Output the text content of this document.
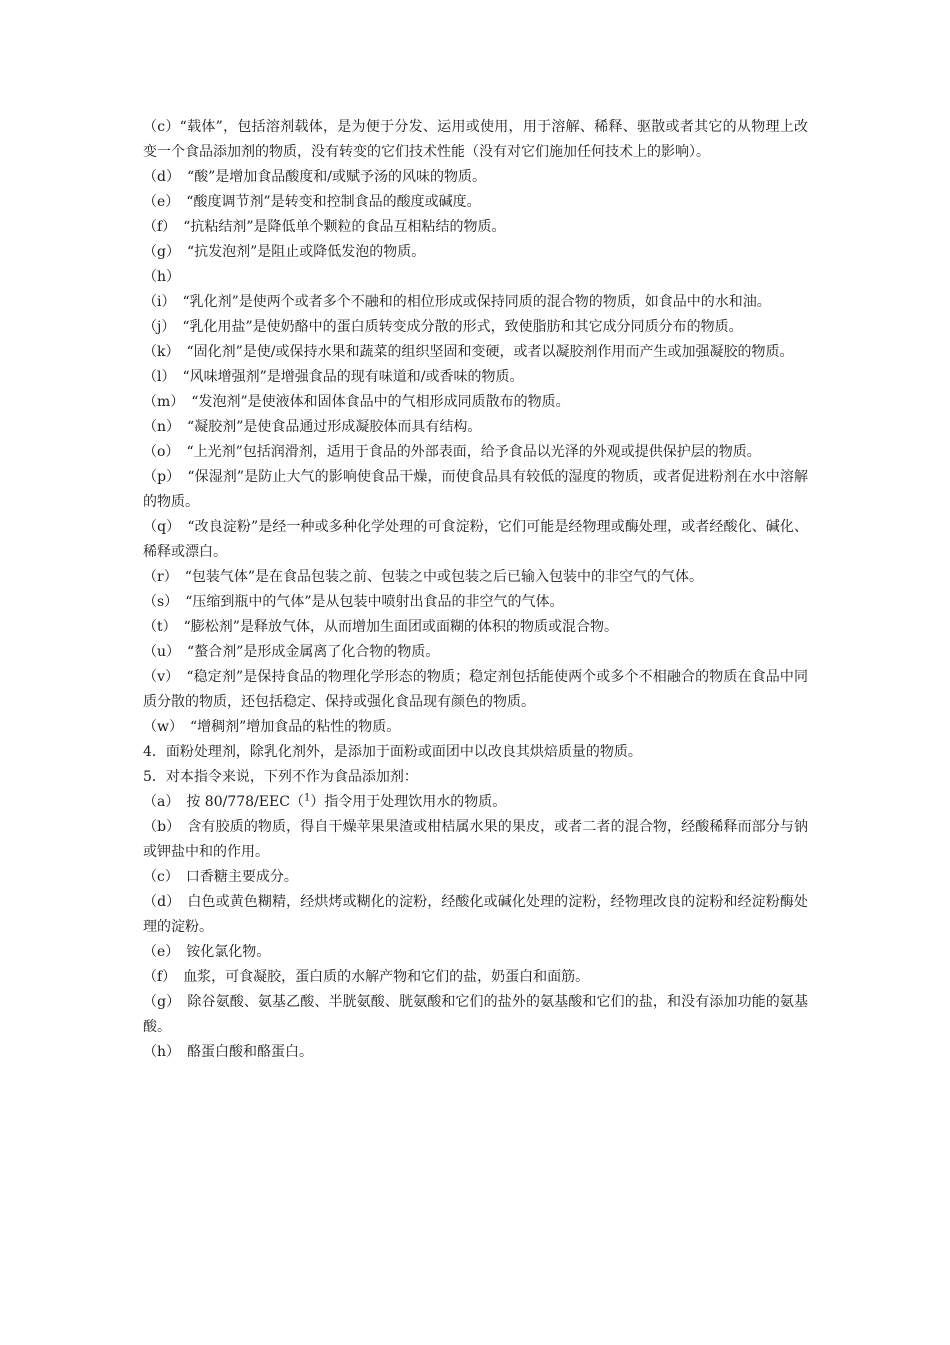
（c）“载体”，包括溶剂载体，是为便于分发、运用或使用，用于溶解、稀释、驱散或者其它的从物理上改变一个食品添加剂的物质，没有转变的它们技术性能（没有对它们施加任何技术上的影响）。

（d）　“酸”是增加食品酸度和/或赋予汤的风味的物质。

（e）　“酸度调节剂”是转变和控制食品的酸度或碱度。

（f）　“抗粘结剂”是降低单个颗粒的食品互相粘结的物质。

（g）　“抗发泡剂”是阻止或降低发泡的物质。

（h）

（i）　“乳化剂”是使两个或者多个不融和的相位形成或保持同质的混合物的物质，如食品中的水和油。

（j）　“乳化用盐”是使奶酪中的蛋白质转变成分散的形式，致使脂肪和其它成分同质分布的物质。

（k）　“固化剂”是使/或保持水果和蔬菜的组织坚固和变硬，或者以凝胶剂作用而产生或加强凝胶的物质。

（l）　“风味增强剂”是增强食品的现有味道和/或香味的物质。

（m）　“发泡剂”是使液体和固体食品中的气相形成同质散布的物质。

（n）　“凝胶剂”是使食品通过形成凝胶体而具有结构。

（o）　“上光剂”包括润滑剂，适用于食品的外部表面，给予食品以光泽的外观或提供保护层的物质。

（p）　“保湿剂”是防止大气的影响使食品干燥，而使食品具有较低的湿度的物质，或者促进粉剂在水中溶解的物质。

（q）　“改良淀粉”是经一种或多种化学处理的可食淀粉，它们可能是经物理或酶处理，或者经酸化、碱化、稀释或漂白。

（r）　“包装气体”是在食品包装之前、包装之中或包装之后已输入包装中的非空气的气体。

（s）　“压缩到瓶中的气体”是从包装中喷射出食品的非空气的气体。

（t）　“膨松剂”是释放气体，从而增加生面团或面糊的体积的物质或混合物。

（u）　“螯合剂”是形成金属离了化合物的物质。

（v）　“稳定剂”是保持食品的物理化学形态的物质；稳定剂包括能使两个或多个不相融合的物质在食品中同质分散的物质，还包括稳定、保持或强化食品现有颜色的物质。

（w）　“增稠剂”增加食品的粘性的物质。

4．面粉处理剂，除乳化剂外，是添加于面粉或面团中以改良其烘焙质量的物质。

5．对本指令来说，下列不作为食品添加剂：

（a）　按 80/778/EEC（$^1$）指令用于处理饮用水的物质。

（b）　含有胶质的物质，得自干燥苹果果渣或柑桔属水果的果皮，或者二者的混合物，经酸稀释而部分与钠或钾盐中和的作用。

（c）　口香糖主要成分。

（d）　白色或黄色糊精，经烘烤或糊化的淀粉，经酸化或碱化处理的淀粉，经物理改良的淀粉和经淀粉酶处理的淀粉。

（e）　铵化氯化物。

（f）　血浆，可食凝胶，蛋白质的水解产物和它们的盐，奶蛋白和面筋。

（g）　除谷氨酸、氨基乙酸、半胱氨酸、胱氨酸和它们的盐外的氨基酸和它们的盐，和没有添加功能的氨基酸。

（h）　酪蛋白酸和酪蛋白。
